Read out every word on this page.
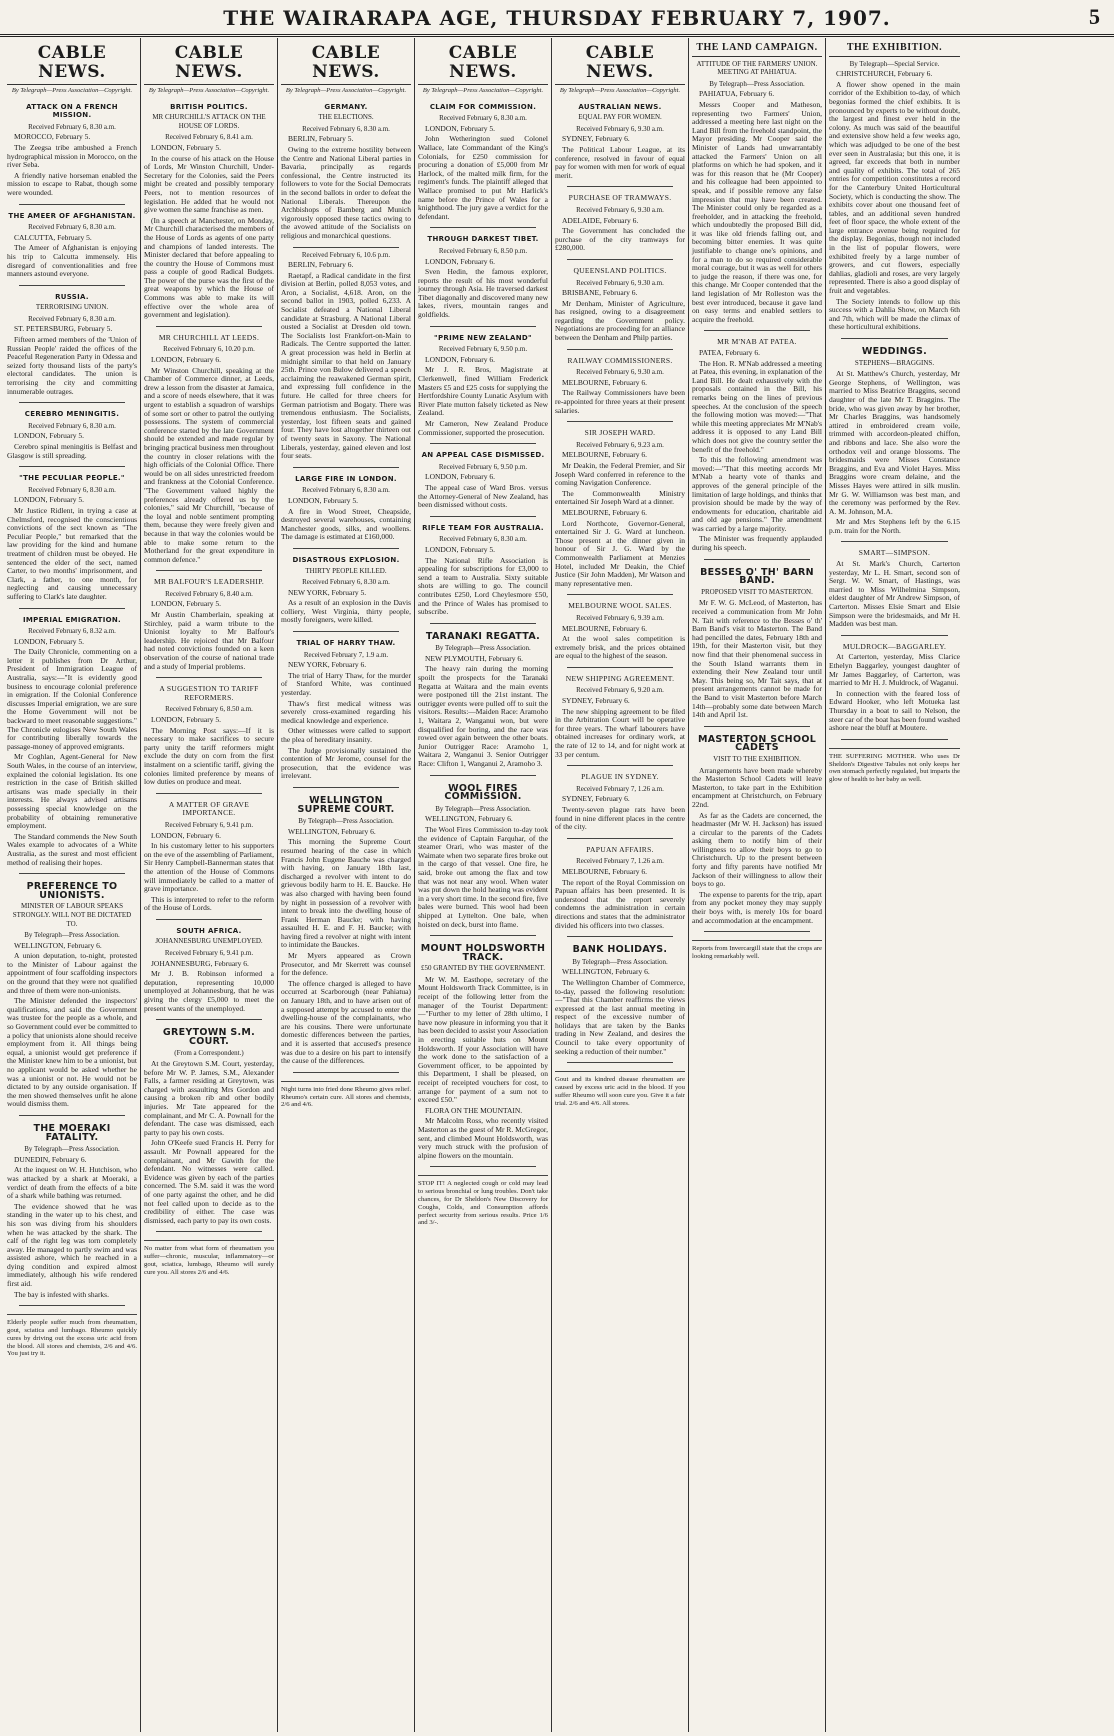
THE WAIRARAPA AGE, THURSDAY FEBRUARY 7, 1907.	5
CABLE NEWS.
By Telegraph—Press Association—Copyright.
ATTACK ON A FRENCH MISSION.
Received February 6, 8.30 a.m.

MOROCCO, February 5.

The Zeegsa tribe ambushed a French hydrographical mission in Morocco, on the river Seba.

A friendly native horseman enabled the mission to escape to Rabat, though some were wounded.

THE AMEER OF AFGHANISTAN.
Received February 6, 8.30 a.m.

CALCUTTA, February 5.

The Ameer of Afghanistan is enjoying his trip to Calcutta immensely. His disregard of conventionalities and free manners astound everyone.

RUSSIA.
TERRORISING UNION.
Received February 6, 8.30 a.m.

ST. PETERSBURG, February 5.

Fifteen armed members of the 'Union of Russian People' raided the offices of the Peaceful Regeneration Party in Odessa and seized forty thousand lists of the party's electoral candidates. The union is terrorising the city and committing innumerable outrages.

CEREBRO MENINGITIS.
Received February 6, 8.30 a.m.

LONDON, February 5.

Cerebro spinal meningitis is Belfast and Glasgow is still spreading.

"THE PECULIAR PEOPLE."
Received February 6, 8.30 a.m.

LONDON, February 5.

Mr Justice Ridlent, in trying a case at Chelmsford, recognised the conscientious convictions of the sect known as "The Peculiar People," but remarked that the law providing for the kind and humane treatment of children must be obeyed. He sentenced the elder of the sect, named Carter, to two months' imprisonment, and Clark, a father, to one month, for neglecting and causing unnecessary suffering to Clark's late daughter.

IMPERIAL EMIGRATION.
Received February 6, 8.32 a.m.

LONDON, February 5.

The Daily Chronicle, commenting on a letter it publishes from Dr Arthur, President of Immigration League of Australia, says:—"It is evidently good business to encourage colonial preference in emigration. If the Colonial Conference discusses Imperial emigration, we are sure the Home Government will not be backward to meet reasonable suggestions." The Chronicle eulogises New South Wales for contributing liberally towards the passage-money of approved emigrants.

Mr Coghlan, Agent-General for New South Wales, in the course of an interview, explained the colonial legislation. Its one restriction in the case of British skilled artisans was made specially in their interests. He always advised artisans possessing special knowledge on the probability of obtaining remunerative employment.

The Standard commends the New South Wales example to advocates of a White Australia, as the surest and most efficient method of realising their hopes.

PREFERENCE TO UNIONISTS.
MINISTER OF LABOUR SPEAKS STRONGLY. WILL NOT BE DICTATED TO.
By Telegraph—Press Association.

WELLINGTON, February 6.

A union deputation, to-night, protested to the Minister of Labour against the appointment of four scaffolding inspectors on the ground that they were not qualified and three of them were non-unionists.

The Minister defended the inspectors' qualifications, and said the Government was trustee for the people as a whole, and so Government could ever be committed to a policy that unionists alone should receive employment from it. All things being equal, a unionist would get preference if the Minister knew him to be a unionist, but no applicant would be asked whether he was a unionist or not. He would not be dictated to by any outside organisation. If the men showed themselves unfit he alone would dismiss them.

THE MOERAKI FATALITY.
By Telegraph—Press Association.

DUNEDIN, February 6.

At the inquest on W. H. Hutchison, who was attacked by a shark at Moeraki, a verdict of death from the effects of a bite of a shark while bathing was returned.

The evidence showed that he was standing in the water up to his chest, and his son was diving from his shoulders when he was attacked by the shark. The calf of the right leg was torn completely away. He managed to partly swim and was assisted ashore, which he reached in a dying condition and expired almost immediately, although his wife rendered first aid.

The bay is infested with sharks.

Elderly people suffer much from rheumatism, gout, sciatica and lumbago. Rheumo quickly cures by driving out the excess uric acid from the blood. All stores and chemists, 2/6 and 4/6. You just try it.
CABLE NEWS.
By Telegraph—Press Association—Copyright.
BRITISH POLITICS.
MR CHURCHILL'S ATTACK ON THE HOUSE OF LORDS.
Received February 6, 8.41 a.m.

LONDON, February 5.

In the course of his attack on the House of Lords, Mr Winston Churchill, Under-Secretary for the Colonies, said the Peers might be created and possibly temporary Peers, not to mention resources of legislation. He added that he would not give women the same franchise as men.

(In a speech at Manchester, on Monday, Mr Churchill characterised the members of the House of Lords as agents of one party and champions of landed interests. The Minister declared that before appealing to the country the House of Commons must pass a couple of good Radical Budgets. The power of the purse was the first of the great weapons by which the House of Commons was able to make its will effective over the whole area of government and legislation).

MR CHURCHILL AT LEEDS.
Received February 6, 10.20 p.m.

LONDON, February 6.

Mr Winston Churchill, speaking at the Chamber of Commerce dinner, at Leeds, drew a lesson from the disaster at Jamaica, and a score of needs elsewhere, that it was urgent to establish a squadron of warships of some sort or other to patrol the outlying possessions. The system of commercial conference started by the late Government should be extended and made regular by bringing practical business men throughout the country in closer relations with the high officials of the Colonial Office. There would be on all sides unrestricted freedom and frankness at the Colonial Conference. "The Government valued highly the preferences already offered us by the colonies," said Mr Churchill, "because of the loyal and noble sentiment prompting them, because they were freely given and because in that way the colonies would be able to make some return to the Motherland for the great expenditure in common defence."

MR BALFOUR'S LEADERSHIP.
Received February 6, 8.40 a.m.

LONDON, February 5.

Mr Austin Chamberlain, speaking at Stirchley, paid a warm tribute to the Unionist loyalty to Mr Balfour's leadership. He rejoiced that Mr Balfour had noted convictions founded on a keen observation of the course of national trade and a study of Imperial problems.

A SUGGESTION TO TARIFF REFORMERS.
Received February 6, 8.50 a.m.

LONDON, February 5.

The Morning Post says:—If it is necessary to make sacrifices to secure party unity the tariff reformers might exclude the duty on corn from the first instalment on a scientific tariff, giving the colonies limited preference by means of low duties on produce and meat.

A MATTER OF GRAVE IMPORTANCE.
Received February 6, 9.41 p.m.

LONDON, February 6.

In his customary letter to his supporters on the eve of the assembling of Parliament, Sir Henry Campbell-Bannerman states that the attention of the House of Commons will immediately be called to a matter of grave importance.

This is interpreted to refer to the reform of the House of Lords.

SOUTH AFRICA.
JOHANNESBURG UNEMPLOYED.
Received February 6, 9.41 p.m.

JOHANNESBURG, February 6.

Mr J. B. Robinson informed a deputation, representing 10,000 unemployed at Johannesburg, that he was giving the clergy £5,000 to meet the present wants of the unemployed.

GREYTOWN S.M. COURT.
(From a Correspondent.)

At the Greytown S.M. Court, yesterday, before Mr W. P. James, S.M., Alexander Falls, a farmer residing at Greytown, was charged with assaulting Mrs Gordon and causing a broken rib and other bodily injuries. Mr Tate appeared for the complainant, and Mr C. A. Pownall for the defendant. The case was dismissed, each party to pay his own costs.

John O'Keefe sued Francis H. Perry for assault. Mr Pownall appeared for the complainant, and Mr Gawith for the defendant. No witnesses were called. Evidence was given by each of the parties concerned. The S.M. said it was the word of one party against the other, and he did not feel called upon to decide as to the credibility of either. The case was dismissed, each party to pay its own costs.

No matter from what form of rheumatism you suffer—chronic, muscular, inflammatory—or gout, sciatica, lumbago, Rheumo will surely cure you. All stores 2/6 and 4/6.
CABLE NEWS.
By Telegraph—Press Association—Copyright.
GERMANY.
THE ELECTIONS.
Received February 6, 8.30 a.m.

BERLIN, February 5.

Owing to the extreme hostility between the Centre and National Liberal parties in Bavaria, principally as regards confessional, the Centre instructed its followers to vote for the Social Democrats in the second ballots in order to defeat the National Liberals. Thereupon the Archbishops of Bamberg and Munich vigorously opposed these tactics owing to the avowed attitude of the Socialists on religious and monarchical questions.

Received February 6, 10.6 p.m.

BERLIN, February 6.

Raetapf, a Radical candidate in the first division at Berlin, polled 8,053 votes, and Aron, a Socialist, 4,618. Aron, on the second ballot in 1903, polled 6,233. A Socialist defeated a National Liberal candidate at Strasburg. A National Liberal ousted a Socialist at Dresden old town. The Socialists lost Frankfort-on-Main to Radicals. The Centre supported the latter. A great procession was held in Berlin at midnight similar to that held on January 25th. Prince von Bulow delivered a speech acclaiming the reawakened German spirit, and expressing full confidence in the future. He called for three cheers for German patriotism and Bogaty. There was tremendous enthusiasm. The Socialists, yesterday, lost fifteen seats and gained four. They have lost altogether thirteen out of twenty seats in Saxony. The National Liberals, yesterday, gained eleven and lost four seats.

LARGE FIRE IN LONDON.
Received February 6, 8.30 a.m.

LONDON, February 5.

A fire in Wood Street, Cheapside, destroyed several warehouses, containing Manchester goods, silks, and woollens. The damage is estimated at £160,000.

DISASTROUS EXPLOSION.
THIRTY PEOPLE KILLED.
Received February 6, 8.30 a.m.

NEW YORK, February 5.

As a result of an explosion in the Davis colliery, West Virginia, thirty people, mostly foreigners, were killed.

TRIAL OF HARRY THAW.
Received February 7, 1.9 a.m.

NEW YORK, February 6.

The trial of Harry Thaw, for the murder of Stanford White, was continued yesterday.

Thaw's first medical witness was severely cross-examined regarding his medical knowledge and experience.

Other witnesses were called to support the plea of hereditary insanity.

The Judge provisionally sustained the contention of Mr Jerome, counsel for the prosecution, that the evidence was irrelevant.

WELLINGTON SUPREME COURT.
By Telegraph—Press Association.

WELLINGTON, February 6.

This morning the Supreme Court resumed hearing of the case in which Francis John Eugene Bauche was charged with having, on January 18th last, discharged a revolver with intent to do grievous bodily harm to H. E. Baucke. He was also charged with having been found by night in possession of a revolver with intent to break into the dwelling house of Frank Herman Baucke; with having assaulted H. E. and F. H. Baucke; with having fired a revolver at night with intent to intimidate the Bauckes.

Mr Myers appeared as Crown Prosecutor, and Mr Skerrett was counsel for the defence.

The offence charged is alleged to have occurred at Scarborough (near Pahiatua) on January 18th, and to have arisen out of a supposed attempt by accused to enter the dwelling-house of the complainants, who are his cousins. There were unfortunate domestic differences between the parties, and it is asserted that accused's presence was due to a desire on his part to intensify the cause of the differences.

Night turns into fried done Rheumo gives relief. Rheumo's certain cure. All stores and chemists, 2/6 and 4/6.
CABLE NEWS.
By Telegraph—Press Association—Copyright.
CLAIM FOR COMMISSION.
Received February 6, 8.30 a.m.

LONDON, February 5.

John Wetherington sued Colonel Wallace, late Commandant of the King's Colonials, for £250 commission for procuring a donation of £5,000 from Mr Harlock, of the malted milk firm, for the regiment's funds. The plaintiff alleged that Wallace promised to put Mr Harlick's name before the Prince of Wales for a knighthood. The jury gave a verdict for the defendant.

THROUGH DARKEST TIBET.
Received February 6, 8.50 p.m.

LONDON, February 6.

Sven Hedin, the famous explorer, reports the result of his most wonderful journey through Asia. He traversed darkest Tibet diagonally and discovered many new lakes, rivers, mountain ranges and goldfields.

"PRIME NEW ZEALAND"
Received February 6, 9.50 p.m.

LONDON, February 6.

Mr J. R. Bros, Magistrate at Clerkenwell, fined William Frederick Masters £5 and £25 costs for supplying the Hertfordshire County Lunatic Asylum with River Plate mutton falsely ticketed as New Zealand.

Mr Cameron, New Zealand Produce Commissioner, supported the prosecution.

AN APPEAL CASE DISMISSED.
Received February 6, 9.50 p.m.

LONDON, February 6.

The appeal case of Ward Bros. versus the Attorney-General of New Zealand, has been dismissed without costs.

RIFLE TEAM FOR AUSTRALIA.
Received February 6, 8.30 a.m.

LONDON, February 5.

The National Rifle Association is appealing for subscriptions for £3,000 to send a team to Australia. Sixty suitable shots are willing to go. The council contributes £250, Lord Cheylesmore £50, and the Prince of Wales has promised to subscribe.

TARANAKI REGATTA.
By Telegraph—Press Association.

NEW PLYMOUTH, February 6.

The heavy rain during the morning spoilt the prospects for the Taranaki Regatta at Waitara and the main events were postponed till the 21st instant. The outrigger events were pulled off to suit the visitors. Results:—Maiden Race: Aramoho 1, Waitara 2, Wanganui won, but were disqualified for boring, and the race was rowed over again between the other boats. Junior Outrigger Race: Aramoho 1, Waitara 2, Wanganui 3. Senior Outrigger Race: Clifton 1, Wanganui 2, Aramoho 3.

WOOL FIRES COMMISSION.
By Telegraph—Press Association.

WELLINGTON, February 6.

The Wool Fires Commission to-day took the evidence of Captain Farquhar, of the steamer Orari, who was master of the Waimate when two separate fires broke out in the cargo of that vessel. One fire, he said, broke out among the flax and tow that was not near any wool. When water was put down the hold heating was evident in a very short time. In the second fire, five bales were burned. This wool had been shipped at Lyttelton. One bale, when hoisted on deck, burst into flame.

MOUNT HOLDSWORTH TRACK.
£50 GRANTED BY THE GOVERNMENT.

Mr W. M. Easthope, secretary of the Mount Holdsworth Track Committee, is in receipt of the following letter from the manager of the Tourist Department:—"Further to my letter of 28th ultimo, I have now pleasure in informing you that it has been decided to assist your Association in erecting suitable huts on Mount Holdsworth. If your Association will have the work done to the satisfaction of a Government officer, to be appointed by this Department, I shall be pleased, on receipt of receipted vouchers for cost, to arrange for payment of a sum not to exceed £50."

FLORA ON THE MOUNTAIN.

Mr Malcolm Ross, who recently visited Masterton as the guest of Mr R. McGregor, sent, and climbed Mount Holdsworth, was very much struck with the profusion of alpine flowers on the mountain.

STOP IT! A neglected cough or cold may lead to serious bronchial or lung troubles. Don't take chances, for Dr Sheldon's New Discovery for Coughs, Colds, and Consumption affords perfect security from serious results. Price 1/6 and 3/-.
CABLE NEWS.
By Telegraph—Press Association—Copyright.
AUSTRALIAN NEWS.
EQUAL PAY FOR WOMEN.
Received February 6, 9.30 a.m.

SYDNEY, February 6.

The Political Labour League, at its conference, resolved in favour of equal pay for women with men for work of equal merit.

PURCHASE OF TRAMWAYS.
Received February 6, 9.30 a.m.

ADELAIDE, February 6.

The Government has concluded the purchase of the city tramways for £280,000.

QUEENSLAND POLITICS.
Received February 6, 9.30 a.m.

BRISBANE, February 6.

Mr Denham, Minister of Agriculture, has resigned, owing to a disagreement regarding the Government policy. Negotiations are proceeding for an alliance between the Denham and Philp parties.

RAILWAY COMMISSIONERS.
Received February 6, 9.30 a.m.

MELBOURNE, February 6.

The Railway Commissioners have been re-appointed for three years at their present salaries.

SIR JOSEPH WARD.
Received February 6, 9.23 a.m.

MELBOURNE, February 6.

Mr Deakin, the Federal Premier, and Sir Joseph Ward conferred in reference to the coming Navigation Conference.

The Commonwealth Ministry entertained Sir Joseph Ward at a dinner.

MELBOURNE, February 6.

Lord Northcote, Governor-General, entertained Sir J. G. Ward at luncheon. Those present at the dinner given in honour of Sir J. G. Ward by the Commonwealth Parliament at Menzies Hotel, included Mr Deakin, the Chief Justice (Sir John Madden), Mr Watson and many representative men.

MELBOURNE WOOL SALES.
Received February 6, 9.39 a.m.

MELBOURNE, February 6.

At the wool sales competition is extremely brisk, and the prices obtained are equal to the highest of the season.

NEW SHIPPING AGREEMENT.
Received February 6, 9.20 a.m.

SYDNEY, February 6.

The new shipping agreement to be filed in the Arbitration Court will be operative for three years. The wharf labourers have obtained increases for ordinary work, at the rate of 12 to 14, and for night work at 33 per centum.

PLAGUE IN SYDNEY.
Received February 7, 1.26 a.m.

SYDNEY, February 6.

Twenty-seven plague rats have been found in nine different places in the centre of the city.

PAPUAN AFFAIRS.
Received February 7, 1.26 a.m.

MELBOURNE, February 6.

The report of the Royal Commission on Papuan affairs has been presented. It is understood that the report severely condemns the administration in certain directions and states that the administrator divided his officers into two classes.

BANK HOLIDAYS.
By Telegraph—Press Association.

WELLINGTON, February 6.

The Wellington Chamber of Commerce, to-day, passed the following resolution:—"That this Chamber reaffirms the views expressed at the last annual meeting in respect of the excessive number of holidays that are taken by the Banks trading in New Zealand, and desires the Council to take every opportunity of seeking a reduction of their number."

Gout and its kindred disease rheumatism are caused by excess uric acid in the blood. If you suffer Rheumo will soon cure you. Give it a fair trial. 2/6 and 4/6. All stores.
THE LAND CAMPAIGN.
ATTITUDE OF THE FARMERS' UNION. MEETING AT PAHIATUA.
By Telegraph—Press Association.

PAHIATUA, February 6.

Messrs Cooper and Matheson, representing two Farmers' Union, addressed a meeting here last night on the Land Bill from the freehold standpoint, the Mayor presiding. Mr Cooper said the Minister of Lands had unwarrantably attacked the Farmers' Union on all platforms on which he had spoken, and it was for this reason that he (Mr Cooper) and his colleague had been appointed to speak, and if possible remove any false impression that may have been created. The Minister could only be regarded as a freeholder, and in attacking the freehold, which undoubtedly the proposed Bill did, it was like old friends falling out, and becoming bitter enemies. It was quite justifiable to change one's opinions, and for a man to do so required considerable moral courage, but it was as well for others to judge the reason, if there was one, for this change. Mr Cooper contended that the land legislation of Mr Rolleston was the best ever introduced, because it gave land on easy terms and enabled settlers to acquire the freehold.

MR M'NAB AT PATEA.

PATEA, February 6.

The Hon. R. M'Nab addressed a meeting at Patea, this evening, in explanation of the Land Bill. He dealt exhaustively with the proposals contained in the Bill, his remarks being on the lines of previous speeches. At the conclusion of the speech the following motion was moved:—"That while this meeting appreciates Mr M'Nab's address it is opposed to any Land Bill which does not give the country settler the benefit of the freehold."

To this the following amendment was moved:—"That this meeting accords Mr M'Nab a hearty vote of thanks and approves of the general principle of the limitation of large holdings, and thinks that provision should be made by the way of endowments for education, charitable aid and old age pensions." The amendment was carried by a large majority.

The Minister was frequently applauded during his speech.

BESSES O' TH' BARN BAND.
PROPOSED VISIT TO MASTERTON.

Mr F. W. G. McLeod, of Masterton, has received a communication from Mr John N. Tait with reference to the Besses o' th' Barn Band's visit to Masterton. The Band had pencilled the dates, February 18th and 19th, for their Masterton visit, but they now find that their phenomenal success in the South Island warrants them in extending their New Zealand tour until May. This being so, Mr Tait says, that at present arrangements cannot be made for the Band to visit Masterton before March 14th—probably some date between March 14th and April 1st.

MASTERTON SCHOOL CADETS
VISIT TO THE EXHIBITION.

Arrangements have been made whereby the Masterton School Cadets will leave Masterton, to take part in the Exhibition encampment at Christchurch, on February 22nd.

As far as the Cadets are concerned, the headmaster (Mr W. H. Jackson) has issued a circular to the parents of the Cadets asking them to notify him of their willingness to allow their boys to go to Christchurch. Up to the present between forty and fifty parents have notified Mr Jackson of their willingness to allow their boys to go.

The expense to parents for the trip, apart from any pocket money they may supply their boys with, is merely 10s for board and accommodation at the encampment.

Reports from Invercargill state that the crops are looking remarkably well.
THE EXHIBITION.
By Telegraph—Special Service.

CHRISTCHURCH, February 6.

A flower show opened in the main corridor of the Exhibition to-day, of which begonias formed the chief exhibits. It is pronounced by experts to be without doubt, the largest and finest ever held in the colony. As much was said of the beautiful and extensive show held a few weeks ago, which was adjudged to be one of the best ever seen in Australasia; but this one, it is agreed, far exceeds that both in number and quality of exhibits. The total of 265 entries for competition constitutes a record for the Canterbury United Horticultural Society, which is conducting the show. The exhibits cover about one thousand feet of tables, and an additional seven hundred feet of floor space, the whole extent of the large entrance avenue being required for the display. Begonias, though not included in the list of popular flowers, were exhibited freely by a large number of growers, and cut flowers, especially dahlias, gladioli and roses, are very largely represented. There is also a good display of fruit and vegetables.

The Society intends to follow up this success with a Dahlia Show, on March 6th and 7th, which will be made the climax of these horticultural exhibitions.

WEDDINGS.
STEPHENS—BRAGGINS.

At St. Matthew's Church, yesterday, Mr George Stephens, of Wellington, was married to Miss Beatrice Braggins, second daughter of the late Mr T. Braggins. The bride, who was given away by her brother, Mr Charles Braggins, was handsomely attired in embroidered cream voile, trimmed with accordeon-pleated chiffon, and ribbons and lace. She also wore the orthodox veil and orange blossoms. The bridesmaids were Misses Constance Braggins, and Eva and Violet Hayes. Miss Braggins wore cream delaine, and the Misses Hayes were attired in silk muslin. Mr G. W. Williamson was best man, and the ceremony was performed by the Rev. A. M. Johnson, M.A.

Mr and Mrs Stephens left by the 6.15 p.m. train for the North.

SMART—SIMPSON.

At St. Mark's Church, Carterton yesterday, Mr L. H. Smart, second son of Sergt. W. W. Smart, of Hastings, was married to Miss Wilhelmina Simpson, eldest daughter of Mr Andrew Simpson, of Carterton. Misses Elsie Smart and Elsie Simpson were the bridesmaids, and Mr H. Madden was best man.

MULDROCK—BAGGARLEY.

At Carterton, yesterday, Miss Clarice Ethelyn Baggarley, youngest daughter of Mr James Baggarley, of Carterton, was married to Mr H. J. Muldrock, of Waganui.

In connection with the feared loss of Edward Hooker, who left Motueka last Thursday in a boat to sail to Nelson, the steer car of the boat has been found washed ashore near the bluff at Moutere.

THE SUFFERING MOTHER. Who uses Dr Sheldon's Digestive Tabules not only keeps her own stomach perfectly regulated, but imparts the glow of health to her baby as well.
